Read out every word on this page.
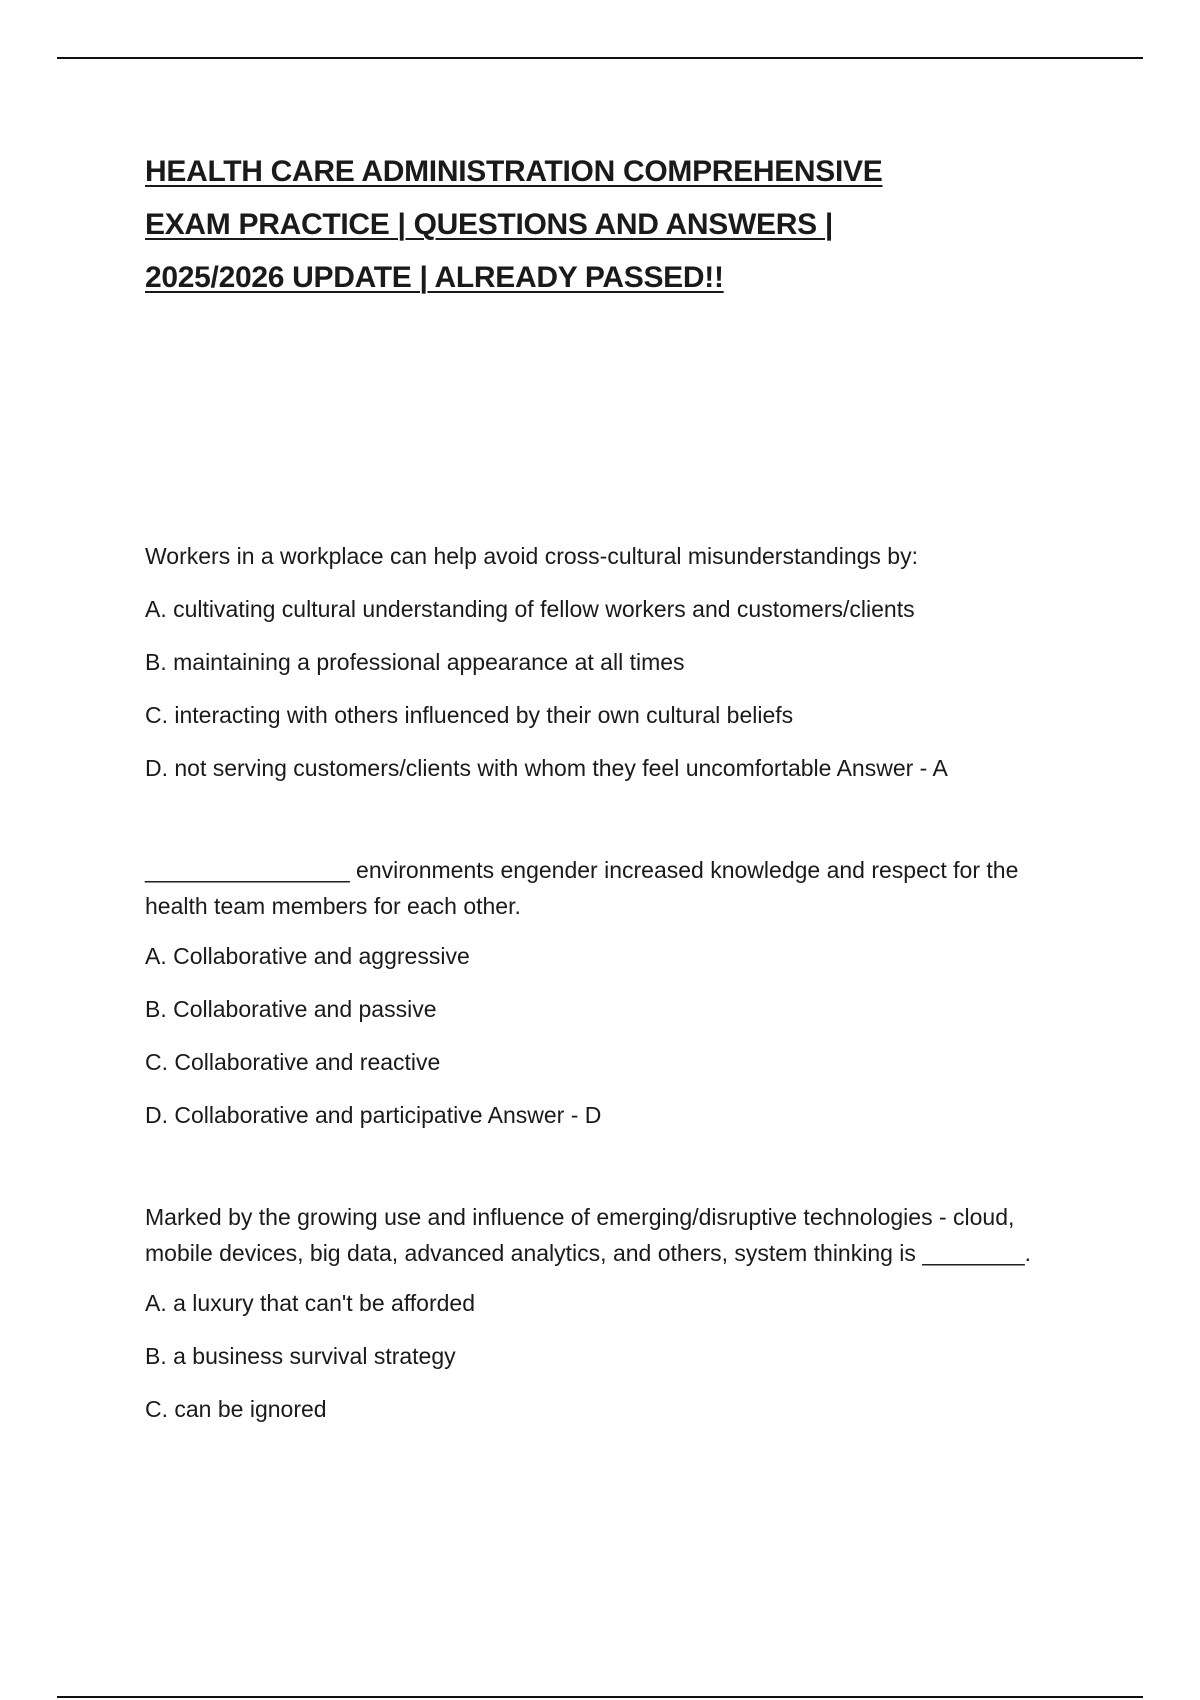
HEALTH CARE ADMINISTRATION COMPREHENSIVE
EXAM PRACTICE | QUESTIONS AND ANSWERS |
2025/2026 UPDATE | ALREADY PASSED!!

Workers in a workplace can help avoid cross-cultural misunderstandings by:

A. cultivating cultural understanding of fellow workers and customers/clients

B. maintaining a professional appearance at all times

C. interacting with others influenced by their own cultural beliefs

D. not serving customers/clients with whom they feel uncomfortable Answer - A

________________ environments engender increased knowledge and respect for the health team members for each other.

A. Collaborative and aggressive

B. Collaborative and passive

C. Collaborative and reactive

D. Collaborative and participative Answer - D

Marked by the growing use and influence of emerging/disruptive technologies - cloud, mobile devices, big data, advanced analytics, and others, system thinking is ________.

A. a luxury that can't be afforded

B. a business survival strategy

C. can be ignored
